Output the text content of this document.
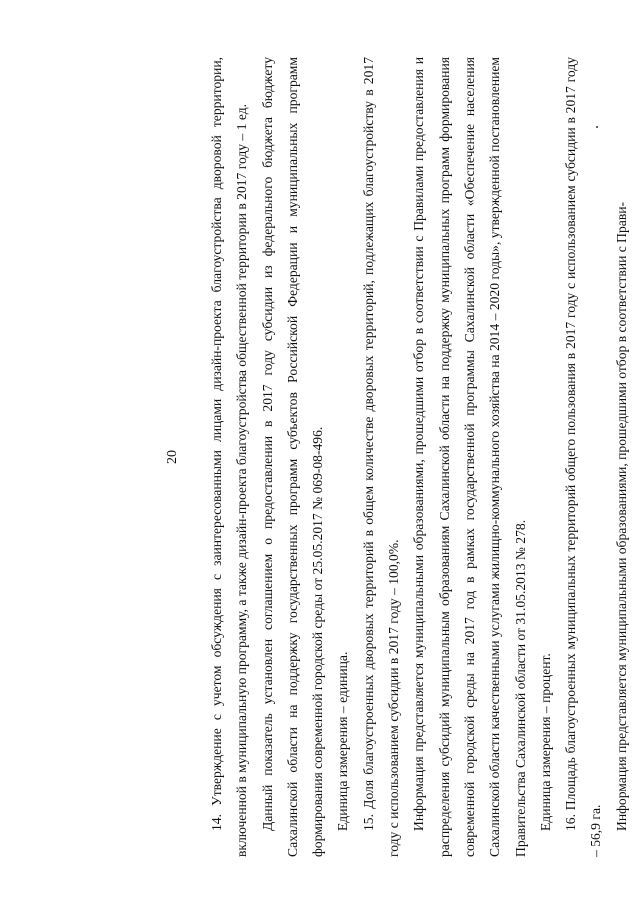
20	14. Утверждение с учетом обсуждения с заинтересованными лицами дизайн-проекта благоустройства дворовой территории, включенной в муниципальную программу, а также дизайн-проекта благоустройства общественной территории в 2017 году – 1 ед. Данный показатель установлен соглашением о предоставлении в 2017 году субсидии из федерального бюджета бюджету Сахалинской области на поддержку государственных программ субъектов Российской Федерации и муниципальных программ формирования современной городской среды от 25.05.2017 № 069-08-496. Единица измерения – единица. 15. Доля благоустроенных дворовых территорий в общем количестве дворовых территорий, подлежащих благоустройству в 2017 году с использованием субсидии в 2017 году – 100,0%. Информация представляется муниципальными образованиями, прошедшими отбор в соответствии с Правилами предоставления и распределения субсидий муниципальным образованиям Сахалинской области на поддержку муниципальных программ формирования современной городской среды на 2017 год в рамках государственной программы Сахалинской области «Обеспечение населения Сахалинской области качественными услугами жилищно-коммунального хозяйства на 2014 – 2020 годы», утвержденной постановлением Правительства Сахалинской области от 31.05.2013 № 278. Единица измерения – процент. 16. Площадь благоустроенных муниципальных территорий общего пользования в 2017 году с использованием субсидии в 2017 году – 56,9 га. Информация представляется муниципальными образованиями, прошедшими отбор в соответствии с Прави-
